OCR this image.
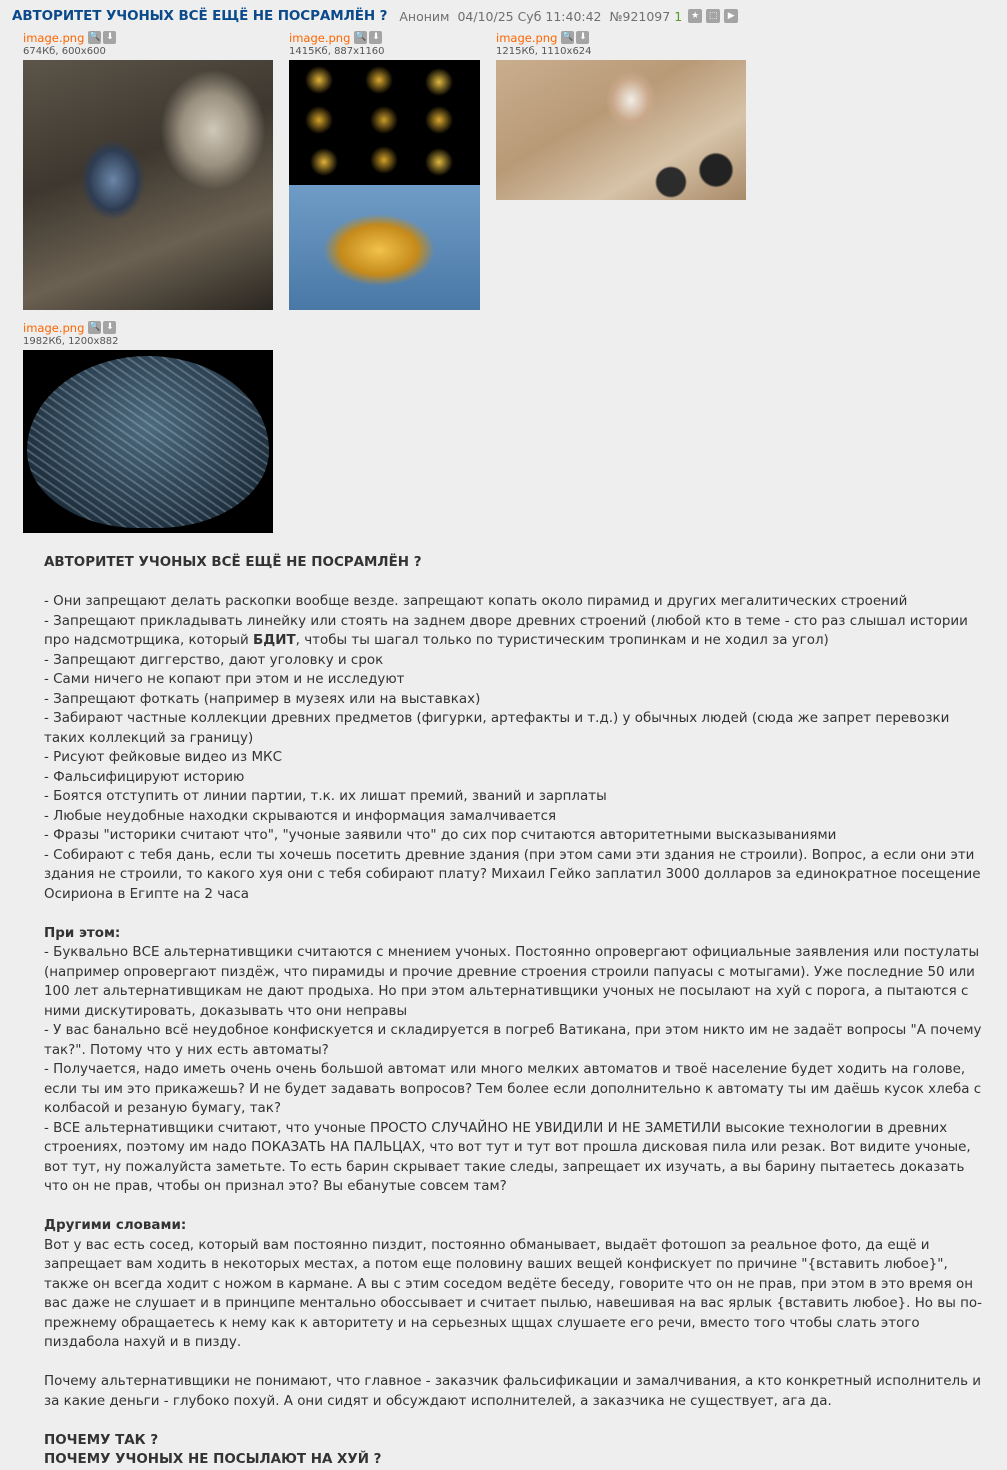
АВТОРИТЕТ УЧОНЫХ ВСЁ ЕЩЁ НЕ ПОСРАМЛЁН ? Аноним 04/10/25 Суб 11:40:42 №921097 1 ★	⬚	▶
image.png 🔍 ⬇
674Кб, 600x600
image.png 🔍 ⬇
1415Кб, 887x1160
image.png 🔍 ⬇
1215Кб, 1110x624
image.png 🔍 ⬇
1982Кб, 1200x882

АВТОРИТЕТ УЧОНЫХ ВСЁ ЕЩЁ НЕ ПОСРАМЛЁН ?

- Они запрещают делать раскопки вообще везде. запрещают копать около пирамид и других мегалитических строений

- Запрещают прикладывать линейку или стоять на заднем дворе древних строений (любой кто в теме - сто раз слышал истории про надсмотрщика, который БДИТ, чтобы ты шагал только по туристическим тропинкам и не ходил за угол)

- Запрещают диггерство, дают уголовку и срок

- Сами ничего не копают при этом и не исследуют

- Запрещают фоткать (например в музеях или на выставках)

- Забирают частные коллекции древних предметов (фигурки, артефакты и т.д.) у обычных людей (сюда же запрет перевозки таких коллекций за границу)

- Рисуют фейковые видео из МКС

- Фальсифицируют историю

- Боятся отступить от линии партии, т.к. их лишат премий, званий и зарплаты

- Любые неудобные находки скрываются и информация замалчивается

- Фразы "историки считают что", "учоные заявили что" до сих пор считаются авторитетными высказываниями

- Собирают с тебя дань, если ты хочешь посетить древние здания (при этом сами эти здания не строили). Вопрос, а если они эти здания не строили, то какого хуя они с тебя собирают плату? Михаил Гейко заплатил 3000 долларов за единократное посещение Осириона в Египте на 2 часа

При этом:

- Буквально ВСЕ альтернативщики считаются с мнением учоных. Постоянно опровергают официальные заявления или постулаты (например опровергают пиздёж, что пирамиды и прочие древние строения строили папуасы с мотыгами). Уже последние 50 или 100 лет альтернативщикам не дают продыха. Но при этом альтернативщики учоных не посылают на хуй с порога, а пытаются с ними дискутировать, доказывать что они неправы

- У вас банально всё неудобное конфискуется и складируется в погреб Ватикана, при этом никто им не задаёт вопросы "А почему так?". Потому что у них есть автоматы?

- Получается, надо иметь очень очень большой автомат или много мелких автоматов и твоё население будет ходить на голове, если ты им это прикажешь? И не будет задавать вопросов? Тем более если дополнительно к автомату ты им даёшь кусок хлеба с колбасой и резаную бумагу, так?

- ВСЕ альтернативщики считают, что учоные ПРОСТО СЛУЧАЙНО НЕ УВИДИЛИ И НЕ ЗАМЕТИЛИ высокие технологии в древних строениях, поэтому им надо ПОКАЗАТЬ НА ПАЛЬЦАХ, что вот тут и тут вот прошла дисковая пила или резак. Вот видите учоные, вот тут, ну пожалуйста заметьте. То есть барин скрывает такие следы, запрещает их изучать, а вы барину пытаетесь доказать что он не прав, чтобы он признал это? Вы ебанутые совсем там?

Другими словами:

Вот у вас есть сосед, который вам постоянно пиздит, постоянно обманывает, выдаёт фотошоп за реальное фото, да ещё и запрещает вам ходить в некоторых местах, а потом еще половину ваших вещей конфискует по причине "{вставить любое}", также он всегда ходит с ножом в кармане. А вы с этим соседом ведёте беседу, говорите что он не прав, при этом в это время он вас даже не слушает и в принципе ментально обоссывает и считает пылью, навешивая на вас ярлык {вставить любое}. Но вы по-прежнему обращаетесь к нему как к авторитету и на серьезных щщах слушаете его речи, вместо того чтобы слать этого пиздабола нахуй и в пизду.

Почему альтернативщики не понимают, что главное - заказчик фальсификации и замалчивания, а кто конкретный исполнитель и за какие деньги - глубоко похуй. А они сидят и обсуждают исполнителей, а заказчика не существует, ага да.

ПОЧЕМУ ТАК ?

ПОЧЕМУ УЧОНЫХ НЕ ПОСЫЛАЮТ НА ХУЙ ?
